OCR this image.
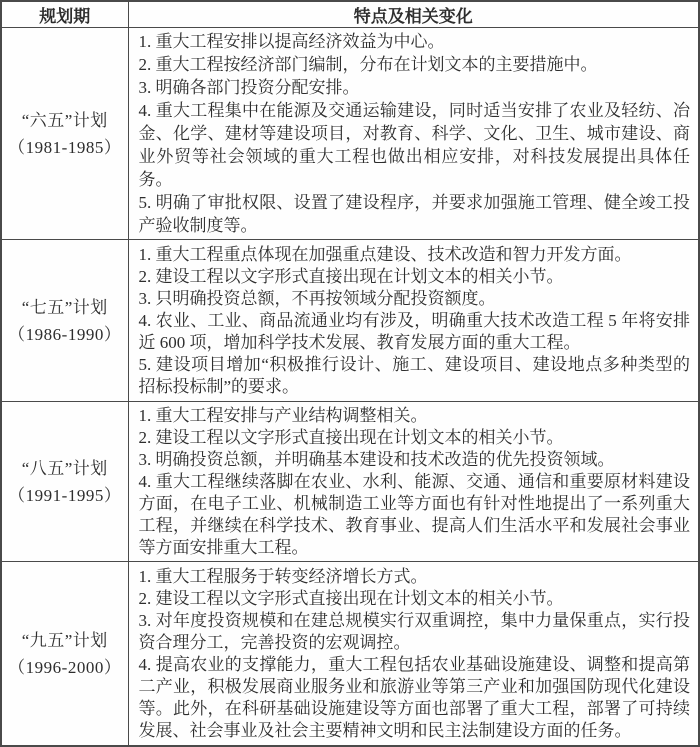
规划期	特点及相关变化

“六五”计划
（1981-1985）

1. 重大工程安排以提高经济效益为中心。
2. 重大工程按经济部门编制，分布在计划文本的主要措施中。
3. 明确各部门投资分配安排。
4. 重大工程集中在能源及交通运输建设，同时适当安排了农业及轻纺、冶金、化学、建材等建设项目，对教育、科学、文化、卫生、城市建设、商业外贸等社会领域的重大工程也做出相应安排，对科技发展提出具体任务。
5. 明确了审批权限、设置了建设程序，并要求加强施工管理、健全竣工投产验收制度等。

“七五”计划
（1986-1990）

1. 重大工程重点体现在加强重点建设、技术改造和智力开发方面。
2. 建设工程以文字形式直接出现在计划文本的相关小节。
3. 只明确投资总额，不再按领域分配投资额度。
4. 农业、工业、商品流通业均有涉及，明确重大技术改造工程 5 年将安排近 600 项，增加科学技术发展、教育发展方面的重大工程。
5. 建设项目增加“积极推行设计、施工、建设项目、建设地点多种类型的招标投标制”的要求。

“八五”计划
（1991-1995）

1. 重大工程安排与产业结构调整相关。
2. 建设工程以文字形式直接出现在计划文本的相关小节。
3. 明确投资总额，并明确基本建设和技术改造的优先投资领域。
4. 重大工程继续落脚在农业、水利、能源、交通、通信和重要原材料建设方面，在电子工业、机械制造工业等方面也有针对性地提出了一系列重大工程，并继续在科学技术、教育事业、提高人们生活水平和发展社会事业等方面安排重大工程。

“九五”计划
（1996-2000）

1. 重大工程服务于转变经济增长方式。
2. 建设工程以文字形式直接出现在计划文本的相关小节。
3. 对年度投资规模和在建总规模实行双重调控，集中力量保重点，实行投资合理分工，完善投资的宏观调控。
4. 提高农业的支撑能力，重大工程包括农业基础设施建设、调整和提高第二产业，积极发展商业服务业和旅游业等第三产业和加强国防现代化建设等。此外，在科研基础设施建设等方面也部署了重大工程，部署了可持续发展、社会事业及社会主要精神文明和民主法制建设方面的任务。
